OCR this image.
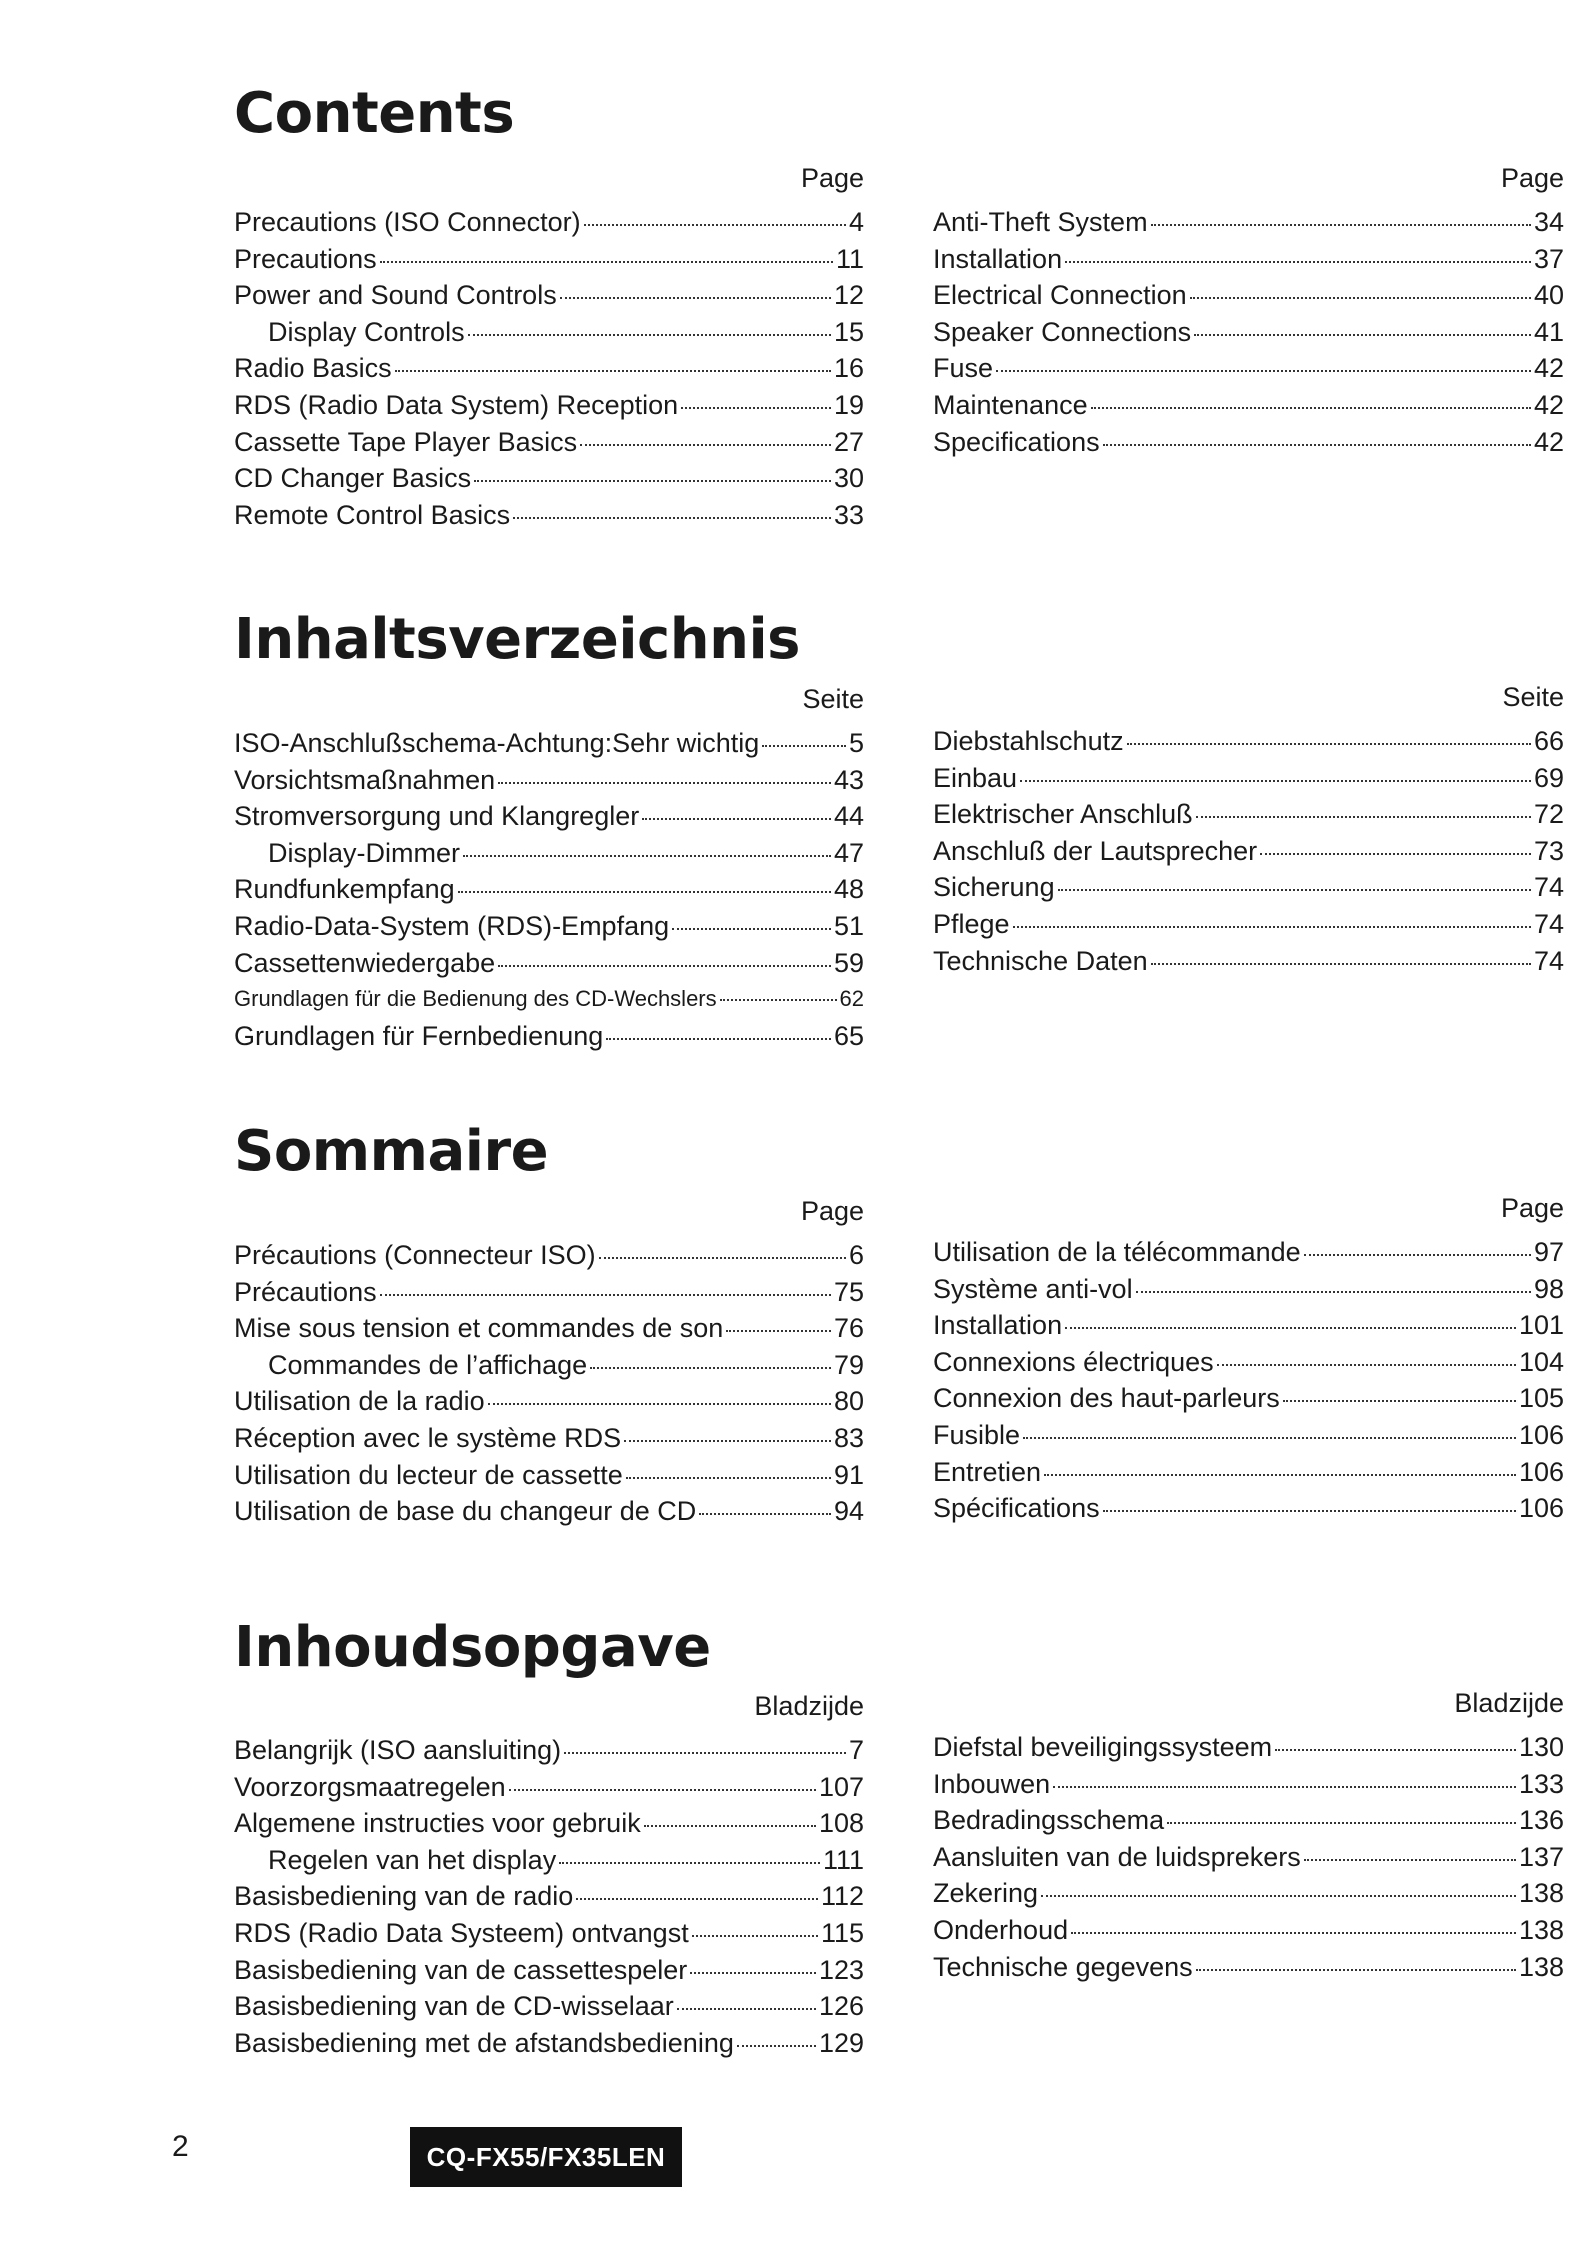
Contents
Page
Precautions (ISO Connector)	4
Precautions	11
Power and Sound Controls	12
Display Controls	15
Radio Basics	16
RDS (Radio Data System) Reception	19
Cassette Tape Player Basics	27
CD Changer Basics	30
Remote Control Basics	33
Page
Anti-Theft System	34
Installation	37
Electrical Connection	40
Speaker Connections	41
Fuse	42
Maintenance	42
Specifications	42
Inhaltsverzeichnis
Seite
ISO-Anschlußschema-Achtung:Sehr wichtig	5
Vorsichtsmaßnahmen	43
Stromversorgung und Klangregler	44
Display-Dimmer	47
Rundfunkempfang	48
Radio-Data-System (RDS)-Empfang	51
Cassettenwiedergabe	59
Grundlagen für die Bedienung des CD-Wechslers	62
Grundlagen für Fernbedienung	65
Seite
Diebstahlschutz	66
Einbau	69
Elektrischer Anschluß	72
Anschluß der Lautsprecher	73
Sicherung	74
Pflege	74
Technische Daten	74
Sommaire
Page
Précautions (Connecteur ISO)	6
Précautions	75
Mise sous tension et commandes de son	76
Commandes de l’affichage	79
Utilisation de la radio	80
Réception avec le système RDS	83
Utilisation du lecteur de cassette	91
Utilisation de base du changeur de CD	94
Page
Utilisation de la télécommande	97
Système anti-vol	98
Installation	101
Connexions électriques	104
Connexion des haut-parleurs	105
Fusible	106
Entretien	106
Spécifications	106
Inhoudsopgave
Bladzijde
Belangrijk (ISO aansluiting)	7
Voorzorgsmaatregelen	107
Algemene instructies voor gebruik	108
Regelen van het display	111
Basisbediening van de radio	112
RDS (Radio Data Systeem) ontvangst	115
Basisbediening van de cassettespeler	123
Basisbediening van de CD-wisselaar	126
Basisbediening met de afstandsbediening	129
Bladzijde
Diefstal beveiligingssysteem	130
Inbouwen	133
Bedradingsschema	136
Aansluiten van de luidsprekers	137
Zekering	138
Onderhoud	138
Technische gegevens	138

2	CQ-FX55/FX35LEN
